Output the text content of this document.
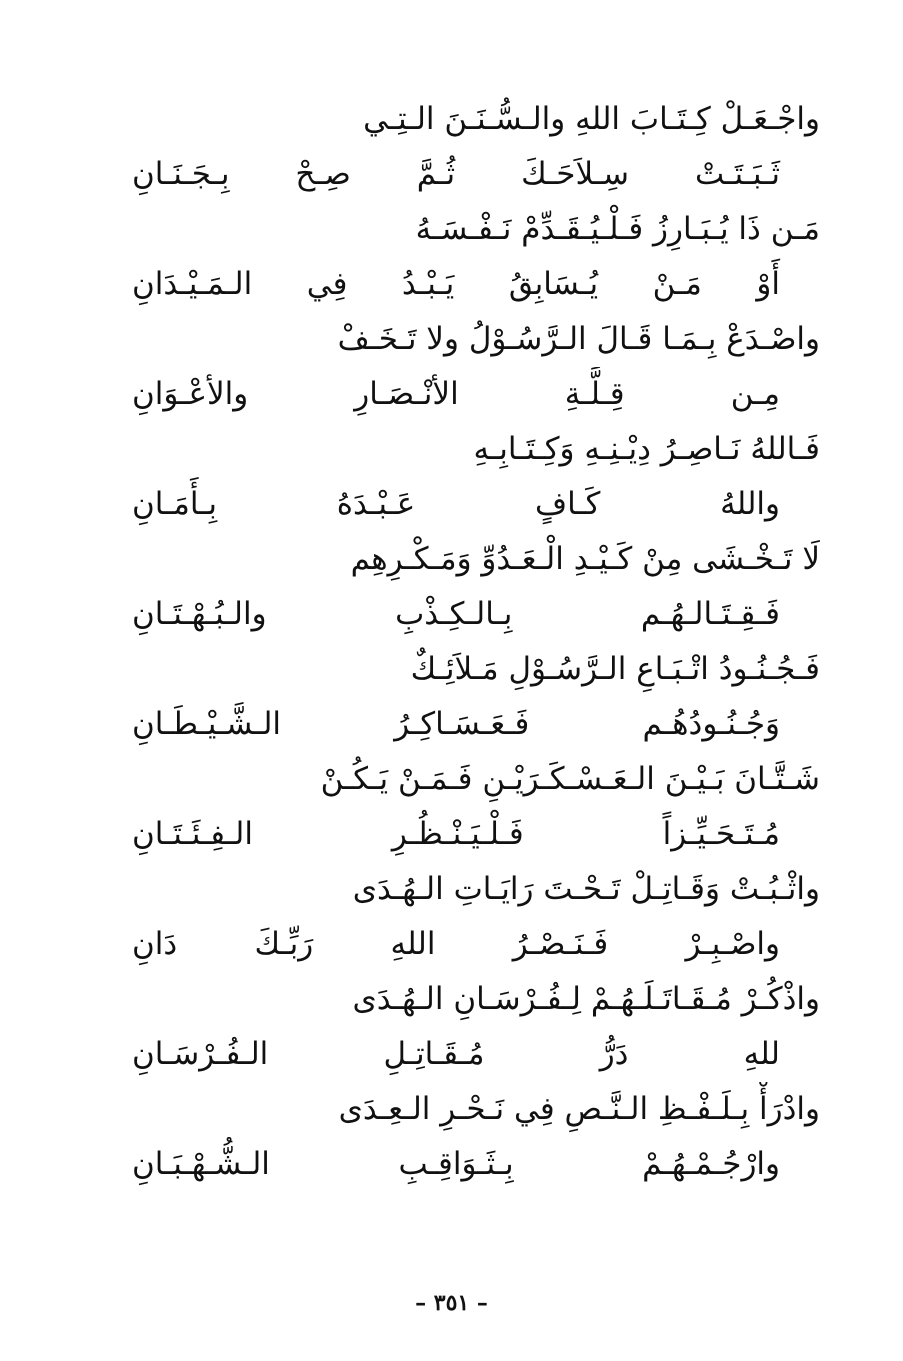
واجْـعَـلْ كِـتَـابَ اللهِ والـسُّـنَـنَ الـتِـي
ثَـبَـتَـتْ سِـلاَحَـكَ ثُـمَّ صِـحْ بِـجَـنَـانِ
مَـن ذَا يُـبَـارِزُ فَـلْـيُـقَـدِّمْ نَـفْـسَـهُ
أَوْ مَـنْ يُـسَابِقُ يَـبْـدُ فِي الـمَـيْـدَانِ
واصْـدَعْ بِـمَـا قَـالَ الـرَّسُـوْلُ ولا تَـخَـفْ
مِـن قِـلَّـةِ الأنْـصَـارِ والأعْـوَانِ
فَـاللهُ نَـاصِـرُ دِيْـنِـهِ وَكِـتَـابِـهِ
واللهُ كَـافٍ عَـبْـدَهُ بِـأَمَـانِ
لَا تَـخْـشَى مِنْ كَـيْـدِ الْـعَـدُوِّ وَمَـكْـرِهِم
فَـقِـتَـالـهُـم بِـالـكِـذْبِ والـبُـهْـتَـانِ
فَـجُـنُـودُ اتْـبَـاعِ الـرَّسُـوْلِ مَـلاَئِـكٌ
وَجُـنُـودُهُـم فَـعَـسَـاكِـرُ الـشَّـيْـطَـانِ
شَـتَّـانَ بَـيْـنَ الـعَـسْـكَـرَيْـنِ فَـمَـنْ يَـكُـنْ
مُـتَـحَـيِّـزاً فَـلْـيَـنْـظُـرِ الـفِـئَـتَـانِ
واثْـبُـتْ وَقَـاتِـلْ تَـحْـتَ رَايَـاتِ الـهُـدَى
واصْـبِـرْ فَـنَـصْـرُ اللهِ رَبِّـكَ دَانِ
واذْكُـرْ مُـقَـاتَـلَـهُـمْ لِـفُـرْسَـانِ الـهُـدَى
للهِ دَرُّ مُـقَـاتِـلِ الـفُـرْسَـانِ
وادْرَأْ بِـلَـفْـظِ الـنَّـصِ فِي نَـحْـرِ الـعِـدَى
وارْجُـمْـهُـمْ بِـثَـوَاقِـبِ الـشُّـهْـبَـانِ
– ٣٥١ –
